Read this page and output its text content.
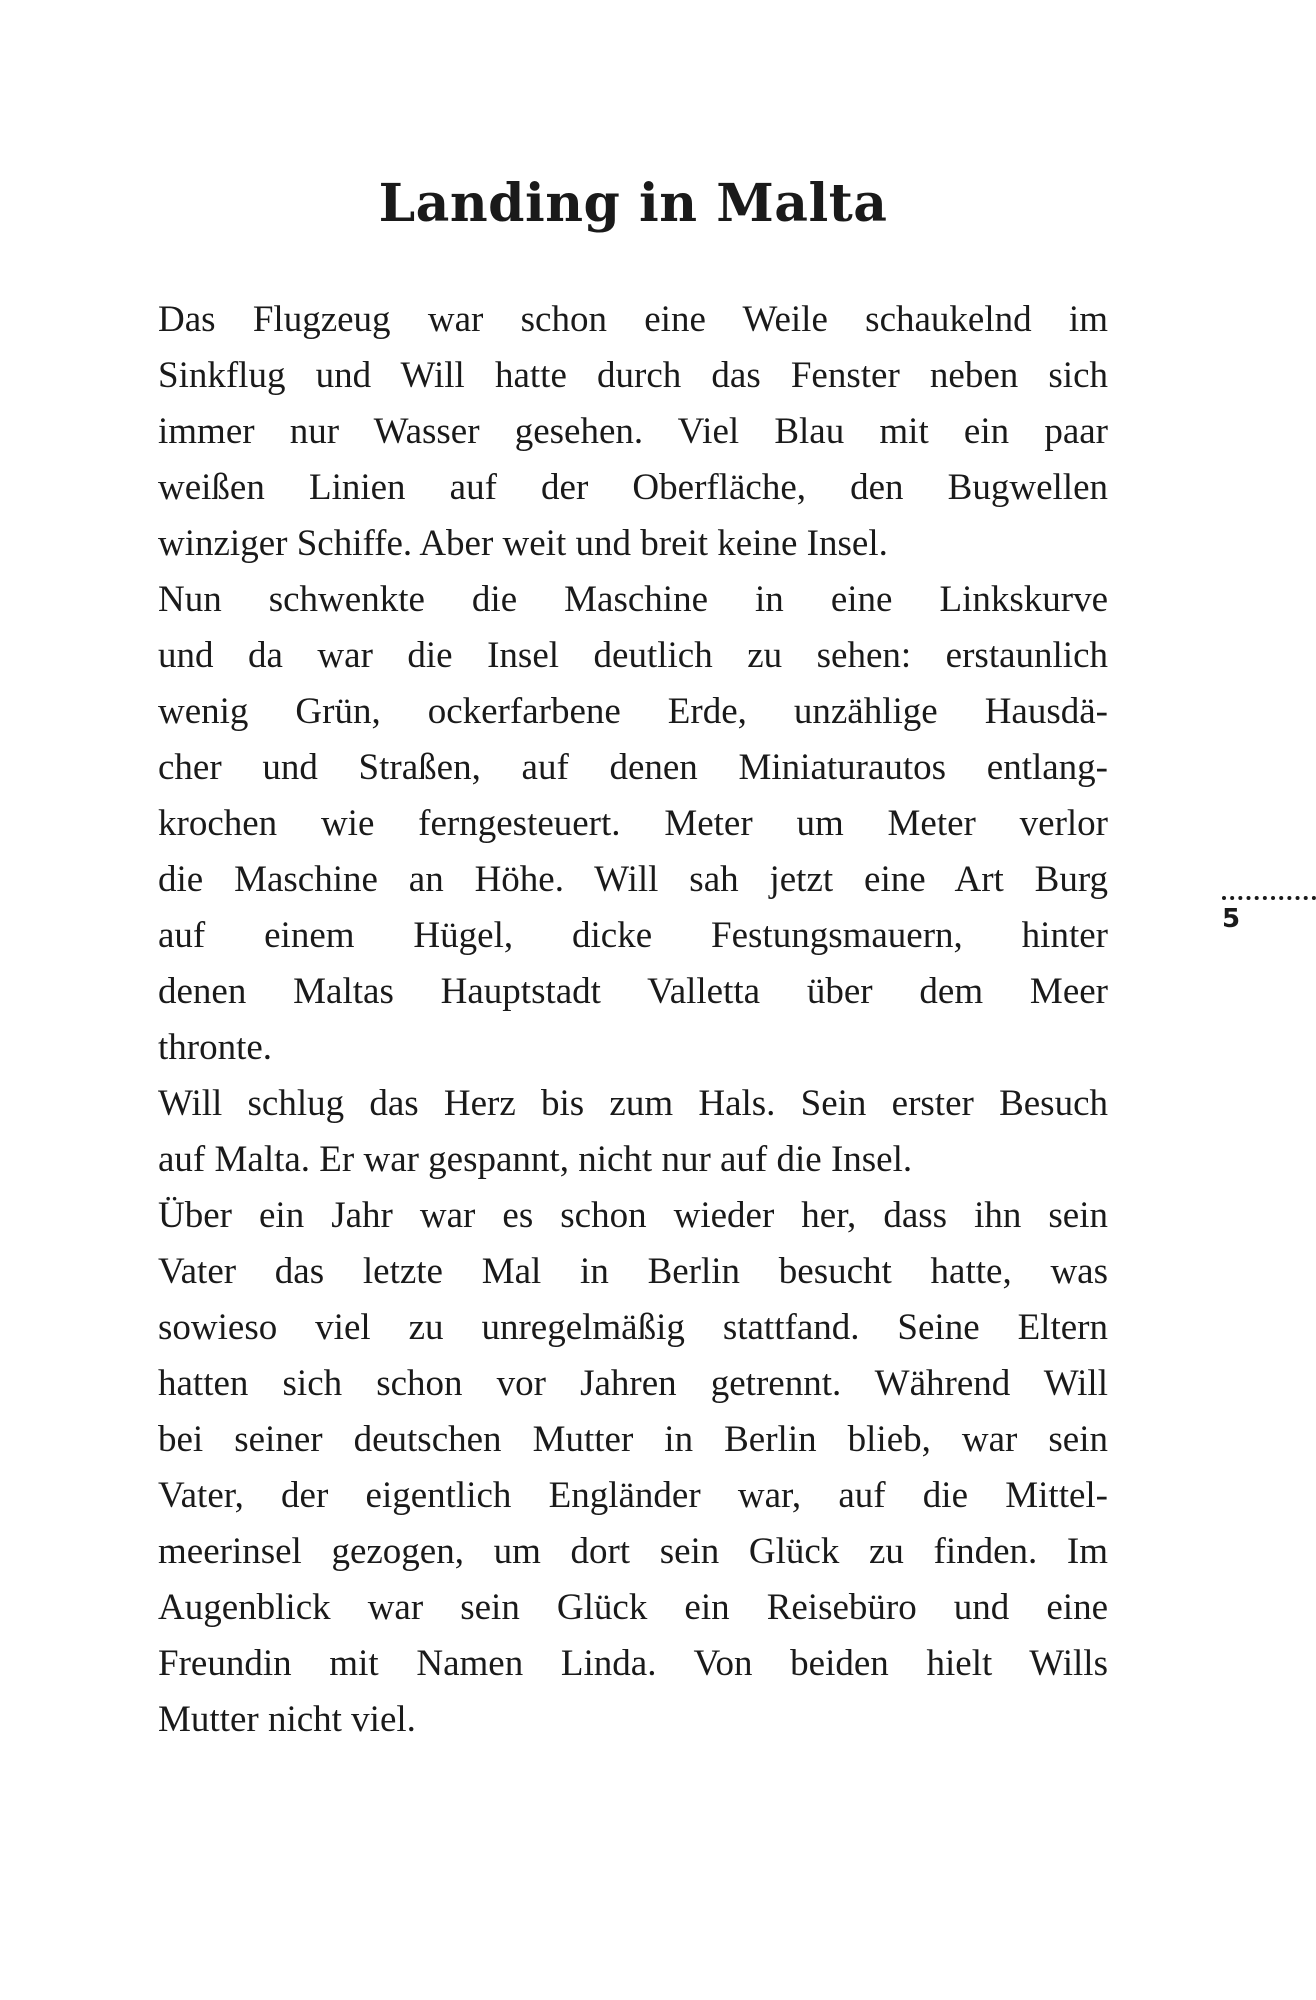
Landing in Malta
Das Flugzeug war schon eine Weile schaukelnd im
Sinkflug und Will hatte durch das Fenster neben sich
immer nur Wasser gesehen. Viel Blau mit ein paar
weißen Linien auf der Oberfläche, den Bugwellen
winziger Schiffe. Aber weit und breit keine Insel.
Nun schwenkte die Maschine in eine Linkskurve
und da war die Insel deutlich zu sehen: erstaunlich
wenig Grün, ockerfarbene Erde, unzählige Hausdä-
cher und Straßen, auf denen Miniaturautos entlang-
krochen wie ferngesteuert. Meter um Meter verlor
die Maschine an Höhe. Will sah jetzt eine Art Burg
auf einem Hügel, dicke Festungsmauern, hinter
denen Maltas Hauptstadt Valletta über dem Meer
thronte.
Will schlug das Herz bis zum Hals. Sein erster Besuch
auf Malta. Er war gespannt, nicht nur auf die Insel.
Über ein Jahr war es schon wieder her, dass ihn sein
Vater das letzte Mal in Berlin besucht hatte, was
sowieso viel zu unregelmäßig stattfand. Seine Eltern
hatten sich schon vor Jahren getrennt. Während Will
bei seiner deutschen Mutter in Berlin blieb, war sein
Vater, der eigentlich Engländer war, auf die Mittel-
meerinsel gezogen, um dort sein Glück zu finden. Im
Augenblick war sein Glück ein Reisebüro und eine
Freundin mit Namen Linda. Von beiden hielt Wills
Mutter nicht viel.
5
